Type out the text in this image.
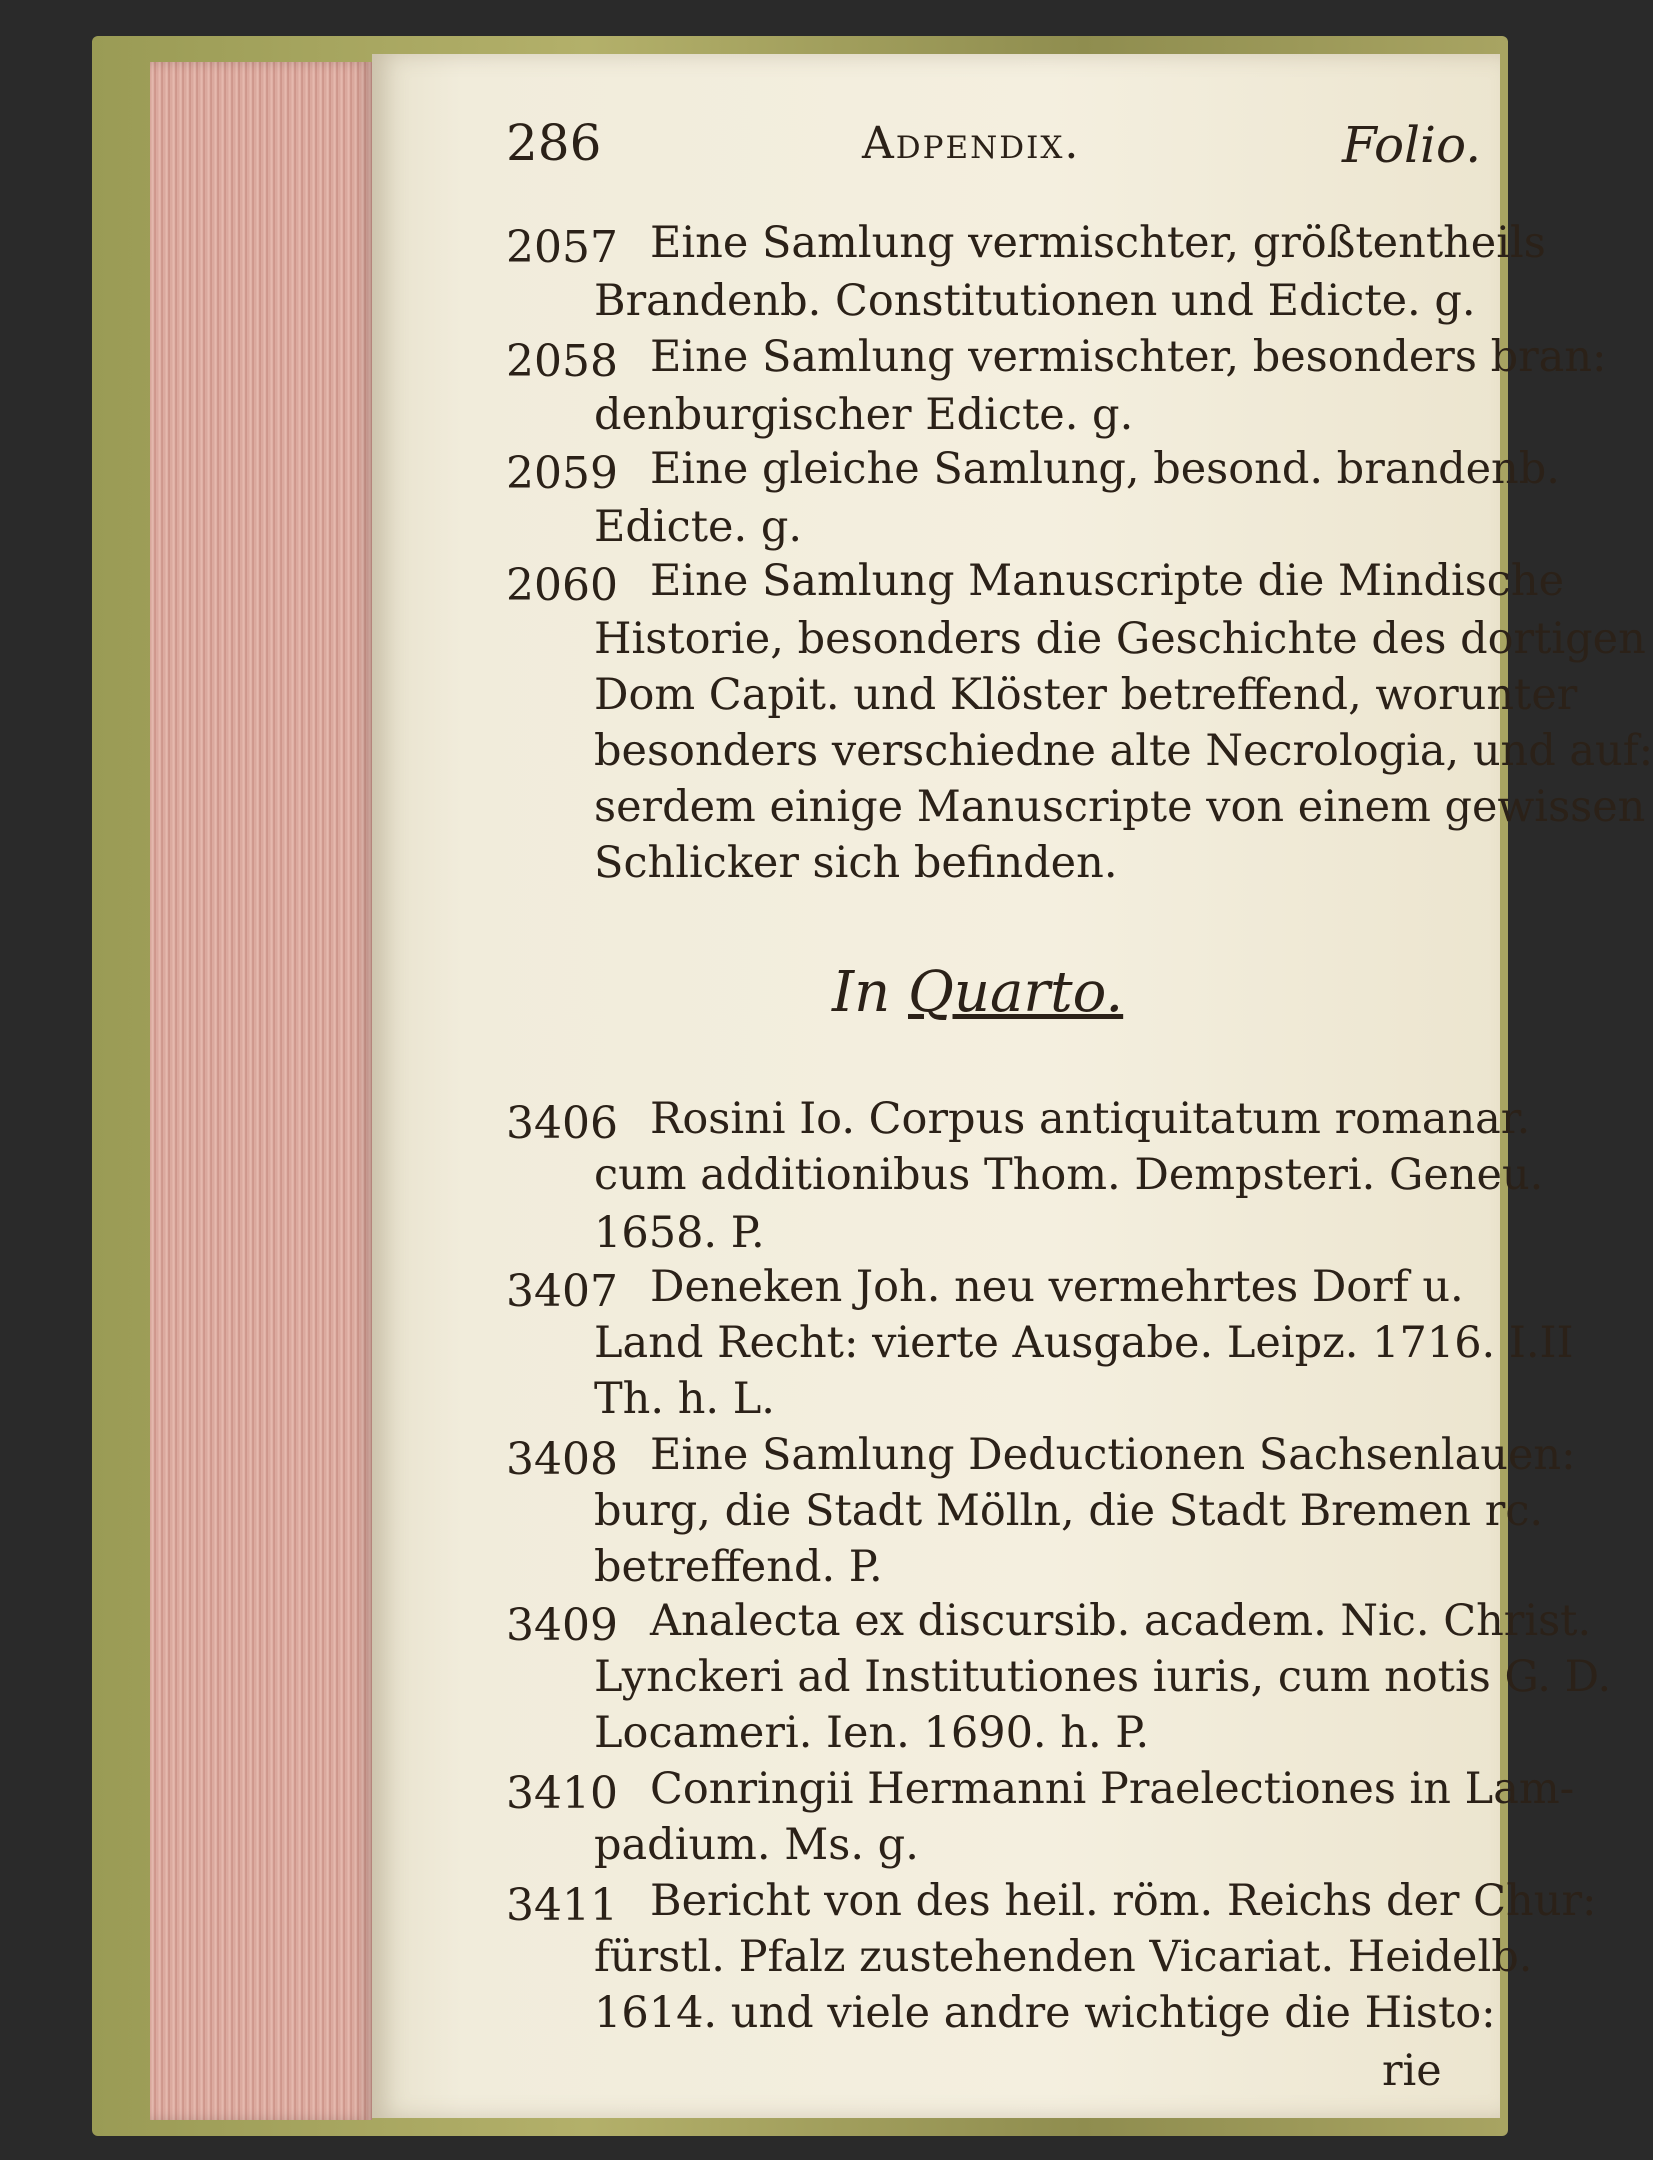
286	Adpendix.	Folio.
2057 Eine Samlung vermischter, größtentheils
Brandenb. Constitutionen und Edicte. g.
2058 Eine Samlung vermischter, besonders bran:
denburgischer Edicte. g.
2059 Eine gleiche Samlung, besond. brandenb.
Edicte. g.
2060 Eine Samlung Manuscripte die Mindische
Historie, besonders die Geschichte des dortigen
Dom Capit. und Klöster betreffend, worunter
besonders verschiedne alte Necrologia, und auf:
serdem einige Manuscripte von einem gewissen
Schlicker sich befinden.
In Quarto.
3406 Rosini Io. Corpus antiquitatum romanar.
cum additionibus Thom. Dempsteri. Geneu.
1658. P.
3407 Deneken Joh. neu vermehrtes Dorf u.
Land Recht: vierte Ausgabe. Leipz. 1716. I.II
Th. h. L.
3408 Eine Samlung Deductionen Sachsenlauen:
burg, die Stadt Mölln, die Stadt Bremen rc.
betreffend. P.
3409 Analecta ex discursib. academ. Nic. Christ.
Lynckeri ad Institutiones iuris, cum notis G. D.
Locameri. Ien. 1690. h. P.
3410 Conringii Hermanni Praelectiones in Lam-
padium. Ms. g.
3411 Bericht von des heil. röm. Reichs der Chur:
fürstl. Pfalz zustehenden Vicariat. Heidelb.
1614. und viele andre wichtige die Histo:
rie
